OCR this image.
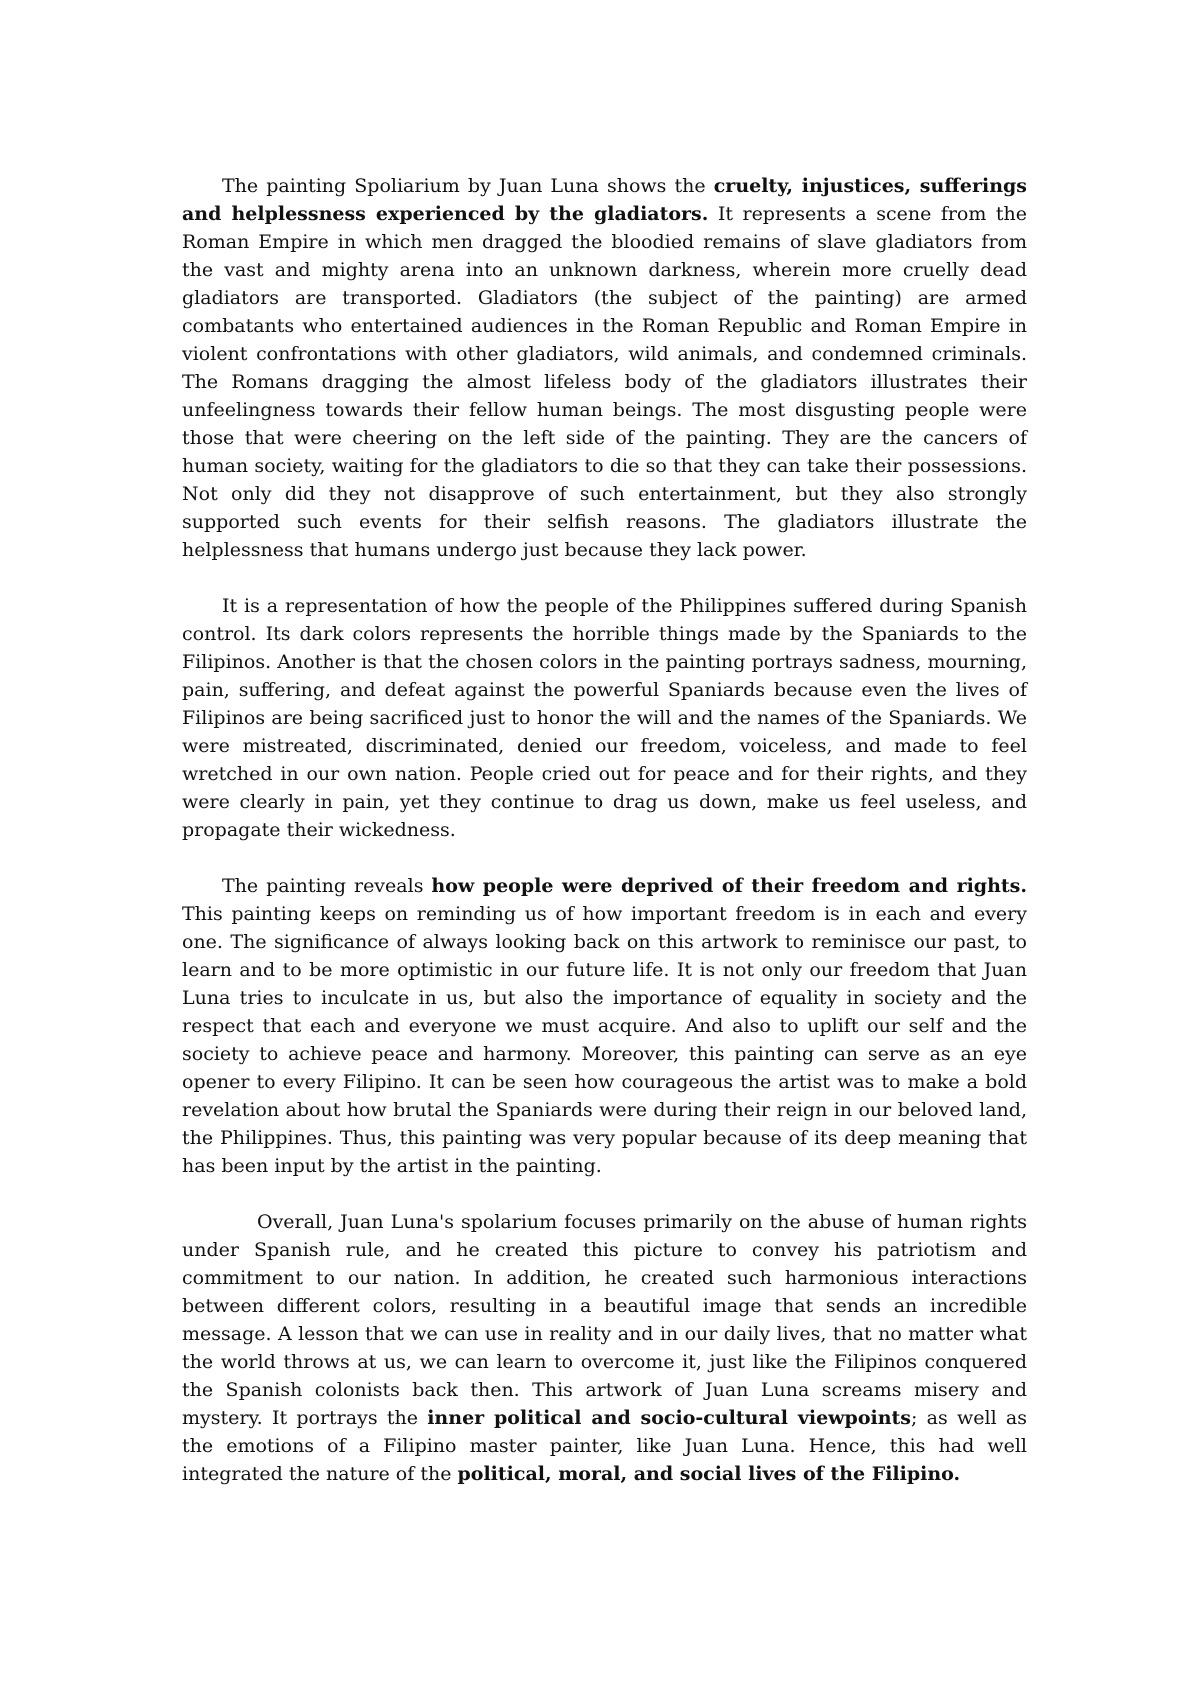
The painting Spoliarium by Juan Luna shows the cruelty, injustices, sufferings and helplessness experienced by the gladiators. It represents a scene from the Roman Empire in which men dragged the bloodied remains of slave gladiators from the vast and mighty arena into an unknown darkness, wherein more cruelly dead gladiators are transported. Gladiators (the subject of the painting) are armed combatants who entertained audiences in the Roman Republic and Roman Empire in violent confrontations with other gladiators, wild animals, and condemned criminals. The Romans dragging the almost lifeless body of the gladiators illustrates their unfeelingness towards their fellow human beings. The most disgusting people were those that were cheering on the left side of the painting. They are the cancers of human society, waiting for the gladiators to die so that they can take their possessions. Not only did they not disapprove of such entertainment, but they also strongly supported such events for their selfish reasons. The gladiators illustrate the helplessness that humans undergo just because they lack power.

It is a representation of how the people of the Philippines suffered during Spanish control. Its dark colors represents the horrible things made by the Spaniards to the Filipinos. Another is that the chosen colors in the painting portrays sadness, mourning, pain, suffering, and defeat against the powerful Spaniards because even the lives of Filipinos are being sacrificed just to honor the will and the names of the Spaniards. We were mistreated, discriminated, denied our freedom, voiceless, and made to feel wretched in our own nation. People cried out for peace and for their rights, and they were clearly in pain, yet they continue to drag us down, make us feel useless, and propagate their wickedness.

The painting reveals how people were deprived of their freedom and rights. This painting keeps on reminding us of how important freedom is in each and every one. The significance of always looking back on this artwork to reminisce our past, to learn and to be more optimistic in our future life. It is not only our freedom that Juan Luna tries to inculcate in us, but also the importance of equality in society and the respect that each and everyone we must acquire. And also to uplift our self and the society to achieve peace and harmony. Moreover, this painting can serve as an eye opener to every Filipino. It can be seen how courageous the artist was to make a bold revelation about how brutal the Spaniards were during their reign in our beloved land, the Philippines. Thus, this painting was very popular because of its deep meaning that has been input by the artist in the painting.

Overall, Juan Luna's spolarium focuses primarily on the abuse of human rights under Spanish rule, and he created this picture to convey his patriotism and commitment to our nation. In addition, he created such harmonious interactions between different colors, resulting in a beautiful image that sends an incredible message. A lesson that we can use in reality and in our daily lives, that no matter what the world throws at us, we can learn to overcome it, just like the Filipinos conquered the Spanish colonists back then. This artwork of Juan Luna screams misery and mystery. It portrays the inner political and socio-cultural viewpoints; as well as the emotions of a Filipino master painter, like Juan Luna. Hence, this had well integrated the nature of the political, moral, and social lives of the Filipino.
